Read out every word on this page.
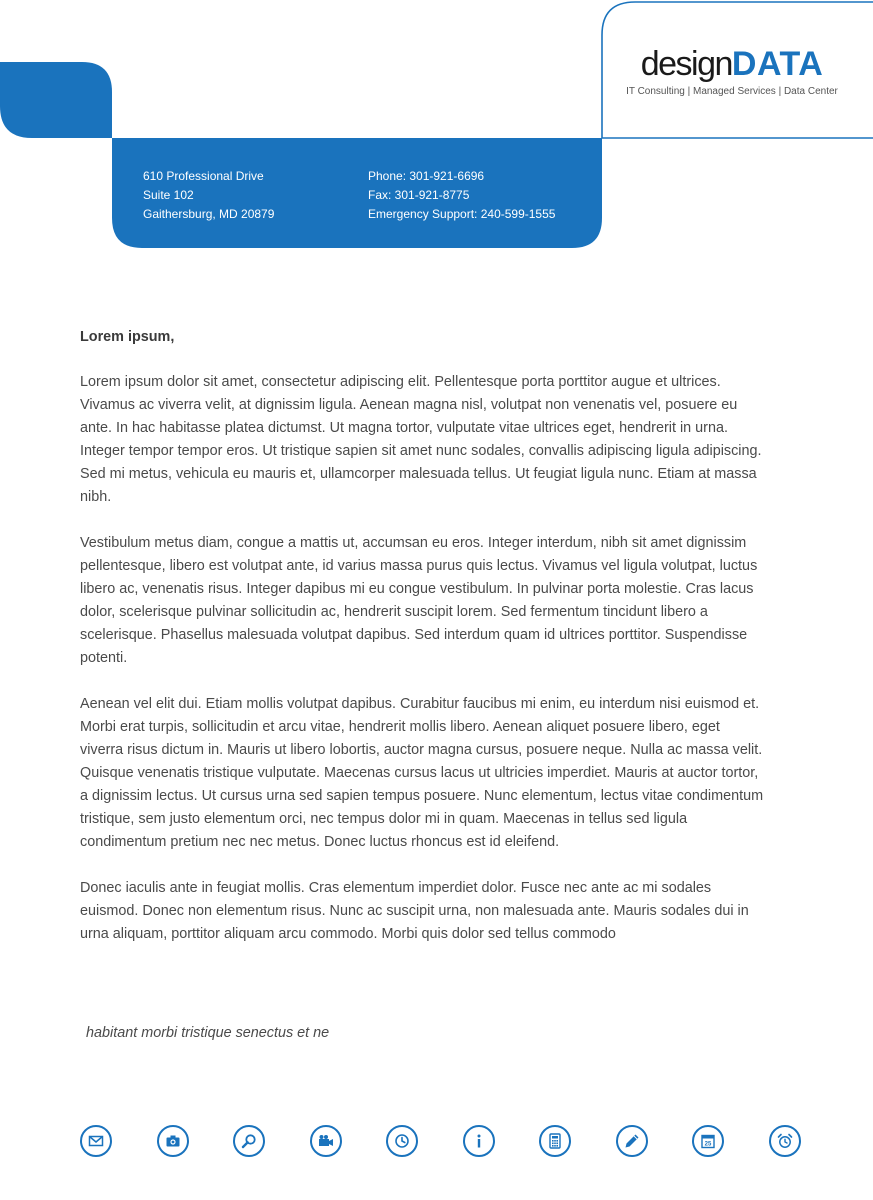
designDATA
IT Consulting | Managed Services | Data Center
610 Professional Drive
Suite 102
Gaithersburg, MD 20879
Phone: 301-921-6696
Fax: 301-921-8775
Emergency Support: 240-599-1555
Lorem ipsum,

Lorem ipsum dolor sit amet, consectetur adipiscing elit. Pellentesque porta porttitor augue et ultrices. Vivamus ac viverra velit, at dignissim ligula. Aenean magna nisl, volutpat non venenatis vel, posuere eu ante. In hac habitasse platea dictumst. Ut magna tortor, vulputate vitae ultrices eget, hendrerit in urna. Integer tempor tempor eros. Ut tristique sapien sit amet nunc sodales, convallis adipiscing ligula adipiscing. Sed mi metus, vehicula eu mauris et, ullamcorper malesuada tellus. Ut feugiat ligula nunc. Etiam at massa nibh.

Vestibulum metus diam, congue a mattis ut, accumsan eu eros. Integer interdum, nibh sit amet dignissim pellentesque, libero est volutpat ante, id varius massa purus quis lectus. Vivamus vel ligula volutpat, luctus libero ac, venenatis risus. Integer dapibus mi eu congue vestibulum. In pulvinar porta molestie. Cras lacus dolor, scelerisque pulvinar sollicitudin ac, hendrerit suscipit lorem. Sed fermentum tincidunt libero a scelerisque. Phasellus malesuada volutpat dapibus. Sed interdum quam id ultrices porttitor. Suspendisse potenti.

Aenean vel elit dui. Etiam mollis volutpat dapibus. Curabitur faucibus mi enim, eu interdum nisi euismod et. Morbi erat turpis, sollicitudin et arcu vitae, hendrerit mollis libero. Aenean aliquet posuere libero, eget viverra risus dictum in. Mauris ut libero lobortis, auctor magna cursus, posuere neque. Nulla ac massa velit. Quisque venenatis tristique vulputate. Maecenas cursus lacus ut ultricies imperdiet. Mauris at auctor tortor, a dignissim lectus. Ut cursus urna sed sapien tempus posuere. Nunc elementum, lectus vitae condimentum tristique, sem justo elementum orci, nec tempus dolor mi in quam. Maecenas in tellus sed ligula condimentum pretium nec nec metus. Donec luctus rhoncus est id eleifend.

Donec iaculis ante in feugiat mollis. Cras elementum imperdiet dolor. Fusce nec ante ac mi sodales euismod. Donec non elementum risus. Nunc ac suscipit urna, non malesuada ante. Mauris sodales dui in urna aliquam, porttitor aliquam arcu commodo. Morbi quis dolor sed tellus commodo

habitant morbi tristique senectus et ne
25
